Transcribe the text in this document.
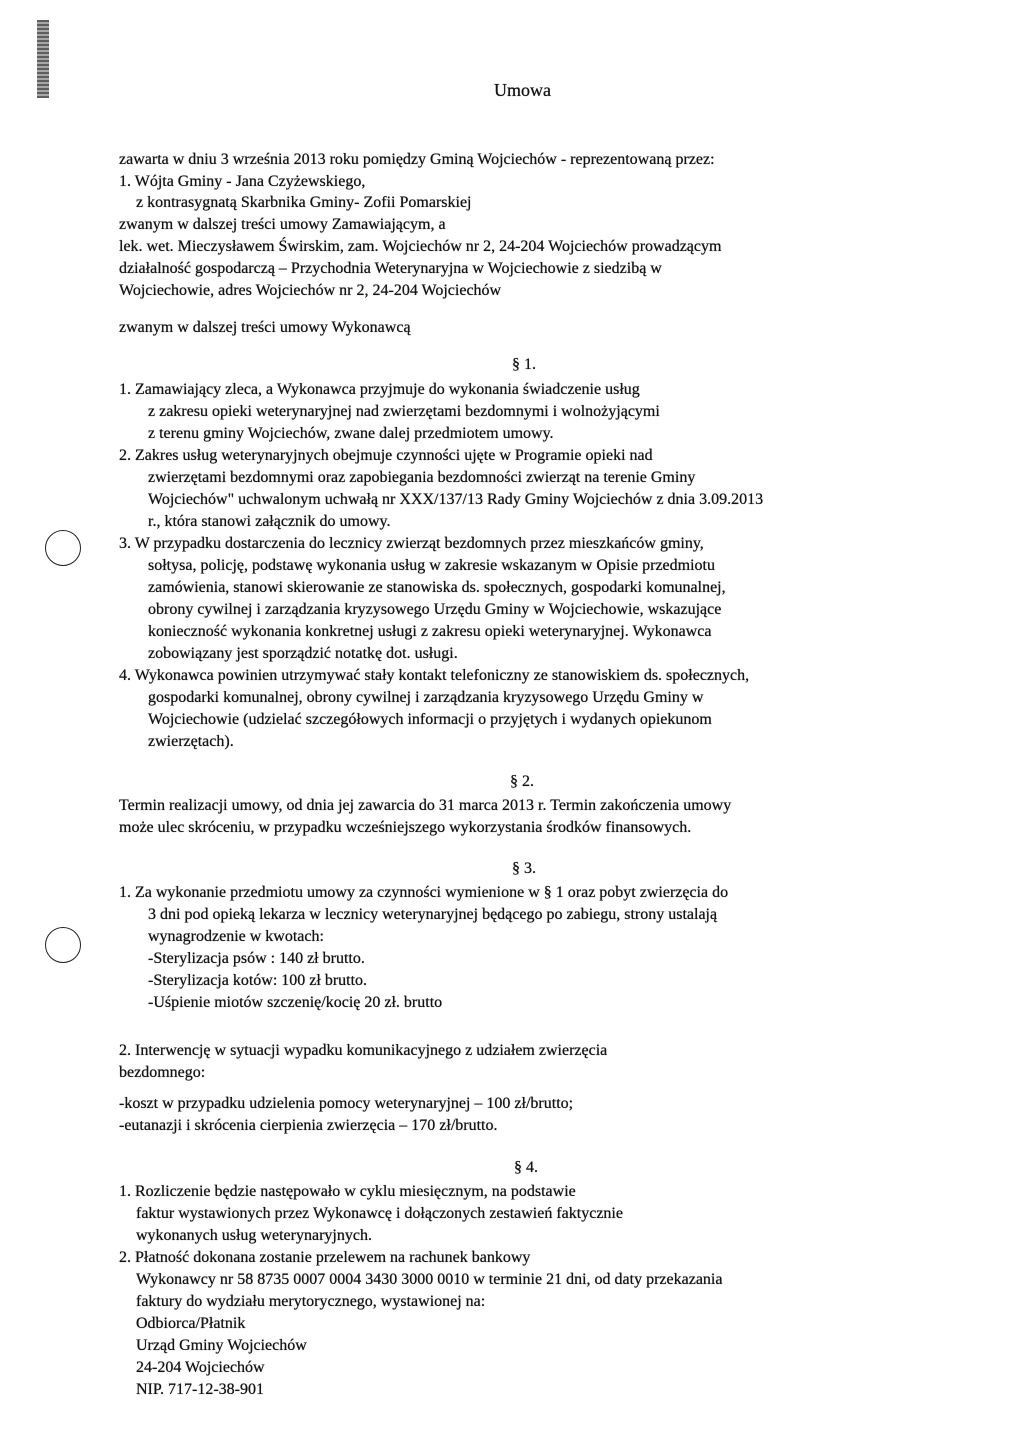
Umowa
zawarta w dniu 3 września 2013 roku pomiędzy Gminą Wojciechów - reprezentowaną przez:
1. Wójta Gminy - Jana Czyżewskiego,
z kontrasygnatą Skarbnika Gminy- Zofii Pomarskiej
zwanym w dalszej treści umowy Zamawiającym, a
lek. wet. Mieczysławem Świrskim, zam. Wojciechów nr 2, 24-204 Wojciechów prowadzącym
działalność gospodarczą – Przychodnia Weterynaryjna w Wojciechowie z siedzibą w
Wojciechowie, adres Wojciechów nr 2, 24-204 Wojciechów
zwanym w dalszej treści umowy Wykonawcą
§ 1.
1. Zamawiający zleca, a Wykonawca przyjmuje do wykonania świadczenie usług
z zakresu opieki weterynaryjnej nad zwierzętami bezdomnymi i wolnożyjącymi
z terenu gminy Wojciechów, zwane dalej przedmiotem umowy.
2. Zakres usług weterynaryjnych obejmuje czynności ujęte w Programie opieki nad
zwierzętami bezdomnymi oraz zapobiegania bezdomności zwierząt na terenie Gminy
Wojciechów" uchwalonym uchwałą nr XXX/137/13 Rady Gminy Wojciechów z dnia 3.09.2013
r., która stanowi załącznik do umowy.
3. W przypadku dostarczenia do lecznicy zwierząt bezdomnych przez mieszkańców gminy,
sołtysa, policję, podstawę wykonania usług w zakresie wskazanym w Opisie przedmiotu
zamówienia, stanowi skierowanie ze stanowiska ds. społecznych, gospodarki komunalnej,
obrony cywilnej i zarządzania kryzysowego Urzędu Gminy w Wojciechowie, wskazujące
konieczność wykonania konkretnej usługi z zakresu opieki weterynaryjnej. Wykonawca
zobowiązany jest sporządzić notatkę dot. usługi.
4. Wykonawca powinien utrzymywać stały kontakt telefoniczny ze stanowiskiem ds. społecznych,
gospodarki komunalnej, obrony cywilnej i zarządzania kryzysowego Urzędu Gminy w
Wojciechowie (udzielać szczegółowych informacji o przyjętych i wydanych opiekunom
zwierzętach).
§ 2.
Termin realizacji umowy, od dnia jej zawarcia do 31 marca 2013 r. Termin zakończenia umowy
może ulec skróceniu, w przypadku wcześniejszego wykorzystania środków finansowych.
§ 3.
1. Za wykonanie przedmiotu umowy za czynności wymienione w § 1 oraz pobyt zwierzęcia do
3 dni pod opieką lekarza w lecznicy weterynaryjnej będącego po zabiegu, strony ustalają
wynagrodzenie w kwotach:
-Sterylizacja psów : 140 zł brutto.
-Sterylizacja kotów: 100 zł brutto.
-Uśpienie miotów szczenię/kocię 20 zł. brutto
2. Interwencję w sytuacji wypadku komunikacyjnego z udziałem zwierzęcia
bezdomnego:
-koszt w przypadku udzielenia pomocy weterynaryjnej – 100 zł/brutto;
-eutanazji i skrócenia cierpienia zwierzęcia – 170 zł/brutto.
§ 4.
1. Rozliczenie będzie następowało w cyklu miesięcznym, na podstawie
faktur wystawionych przez Wykonawcę i dołączonych zestawień faktycznie
wykonanych usług weterynaryjnych.
2. Płatność dokonana zostanie przelewem na rachunek bankowy
Wykonawcy nr 58 8735 0007 0004 3430 3000 0010 w terminie 21 dni, od daty przekazania
faktury do wydziału merytorycznego, wystawionej na:
Odbiorca/Płatnik
Urząd Gminy Wojciechów
24-204 Wojciechów
NIP. 717-12-38-901
